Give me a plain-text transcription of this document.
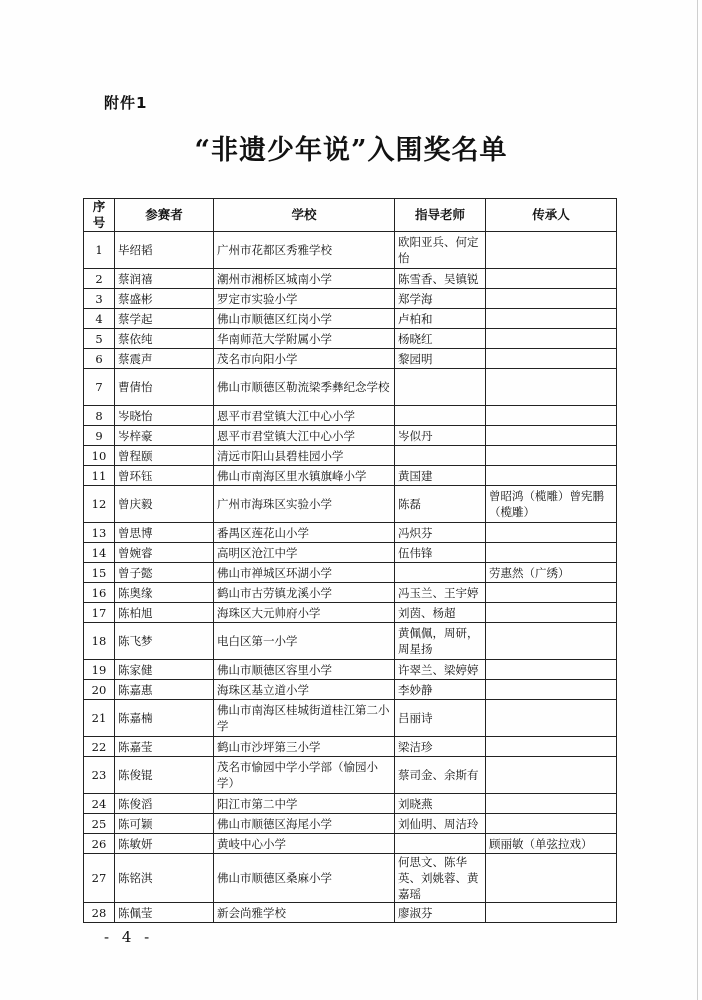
附件1
“非遗少年说”入围奖名单
序号	参赛者	学校	指导老师	传承人
1	毕绍韬	广州市花都区秀雅学校	欧阳亚兵、何定怡	
2	蔡润禧	潮州市湘桥区城南小学	陈雪香、吴镇锐	
3	蔡盛彬	罗定市实验小学	郑学海	
4	蔡学起	佛山市顺德区红岗小学	卢柏和	
5	蔡依纯	华南师范大学附属小学	杨晓红	
6	蔡震声	茂名市向阳小学	黎园明	
7	曹倩怡	佛山市顺德区勒流梁季彝纪念学校		
8	岑晓怡	恩平市君堂镇大江中心小学		
9	岑梓豪	恩平市君堂镇大江中心小学	岑似丹	
10	曾程颐	清远市阳山县碧桂园小学		
11	曾环钰	佛山市南海区里水镇旗峰小学	黄国建	
12	曾庆毅	广州市海珠区实验小学	陈磊	曾昭鸿（榄雕）曾宪鹏（榄雕）
13	曾思博	番禺区莲花山小学	冯炽芬	
14	曾婉睿	高明区沧江中学	伍伟锋	
15	曾子懿	佛山市禅城区环湖小学		劳惠然（广绣）
16	陈奥缘	鹤山市古劳镇龙溪小学	冯玉兰、王宇婷	
17	陈柏旭	海珠区大元帅府小学	刘茵、杨超	
18	陈飞梦	电白区第一小学	黄佩佩，周研，周星扬	
19	陈家健	佛山市顺德区容里小学	许翠兰、梁婷婷	
20	陈嘉惠	海珠区基立道小学	李妙静	
21	陈嘉楠	佛山市南海区桂城街道桂江第二小学	吕丽诗	
22	陈嘉莹	鹤山市沙坪第三小学	梁洁珍	
23	陈俊锟	茂名市愉园中学小学部（愉园小学）	蔡司金、余斯有	
24	陈俊滔	阳江市第二中学	刘晓燕	
25	陈可颖	佛山市顺德区海尾小学	刘仙明、周洁玲	
26	陈敏妍	黄岐中心小学		顾丽敏（单弦拉戏）
27	陈铭淇	佛山市顺德区桑麻小学	何思文、陈华英、刘姚蓉、黄嘉瑶	
28	陈佩莹	新会尚雅学校	廖淑芬	
- 4 -
